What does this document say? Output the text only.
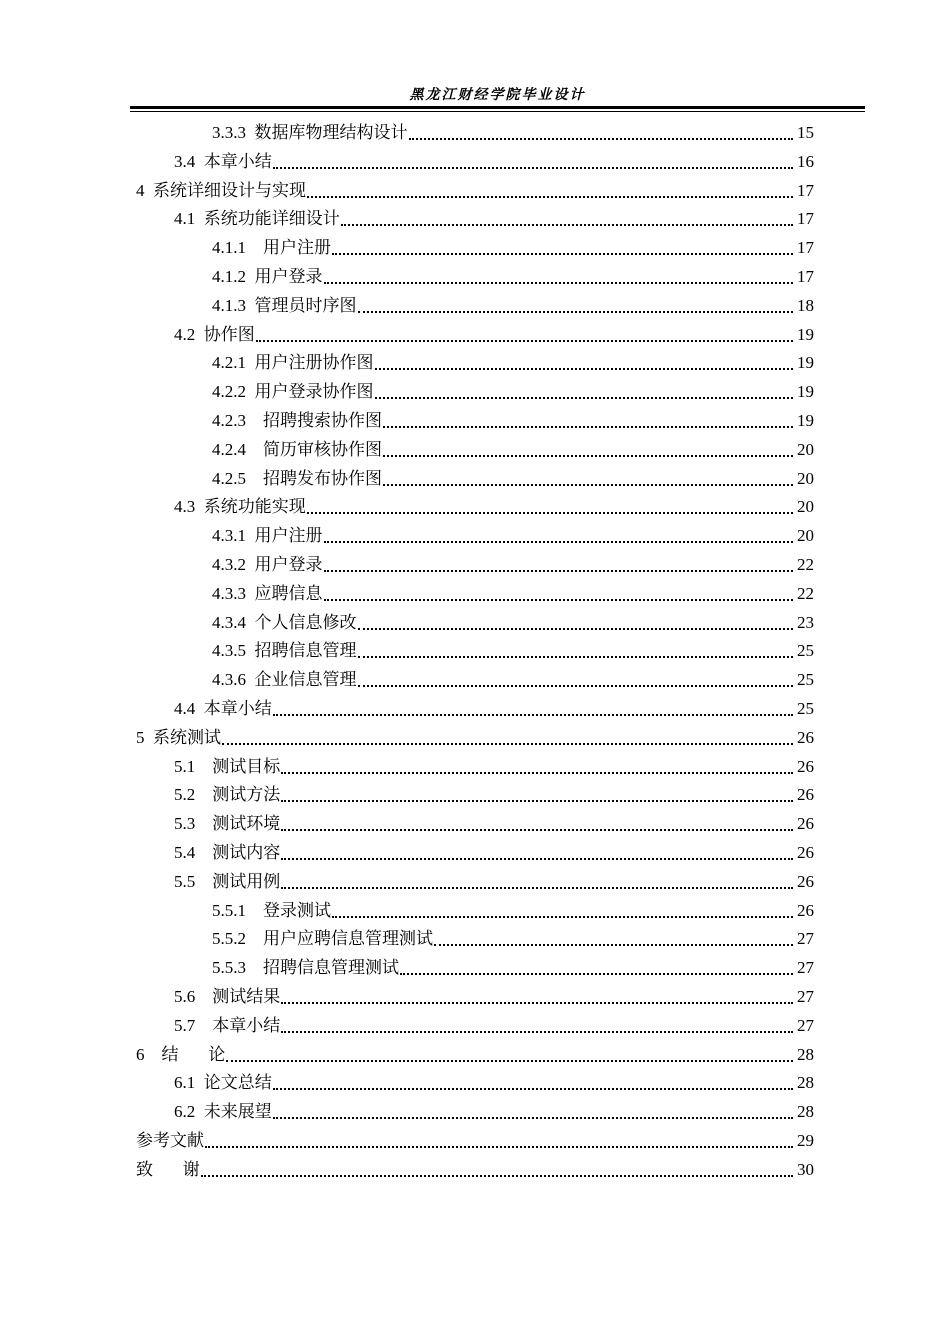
黑龙江财经学院毕业设计
3.3.3 数据库物理结构设计	15
3.4 本章小结	16
4 系统详细设计与实现	17
4.1 系统功能详细设计	17
4.1.1 用户注册	17
4.1.2 用户登录	17
4.1.3 管理员时序图	18
4.2 协作图	19
4.2.1 用户注册协作图	19
4.2.2 用户登录协作图	19
4.2.3 招聘搜索协作图	19
4.2.4 简历审核协作图	20
4.2.5 招聘发布协作图	20
4.3 系统功能实现	20
4.3.1 用户注册	20
4.3.2 用户登录	22
4.3.3 应聘信息	22
4.3.4 个人信息修改	23
4.3.5 招聘信息管理	25
4.3.6 企业信息管理	25
4.4 本章小结	25
5 系统测试	26
5.1 测试目标	26
5.2 测试方法	26
5.3 测试环境	26
5.4 测试内容	26
5.5 测试用例	26
5.5.1 登录测试	26
5.5.2 用户应聘信息管理测试	27
5.5.3 招聘信息管理测试	27
5.6 测试结果	27
5.7 本章小结	27
6 结       论	28
6.1 论文总结	28
6.2 未来展望	28
参考文献	29
致       谢	30
